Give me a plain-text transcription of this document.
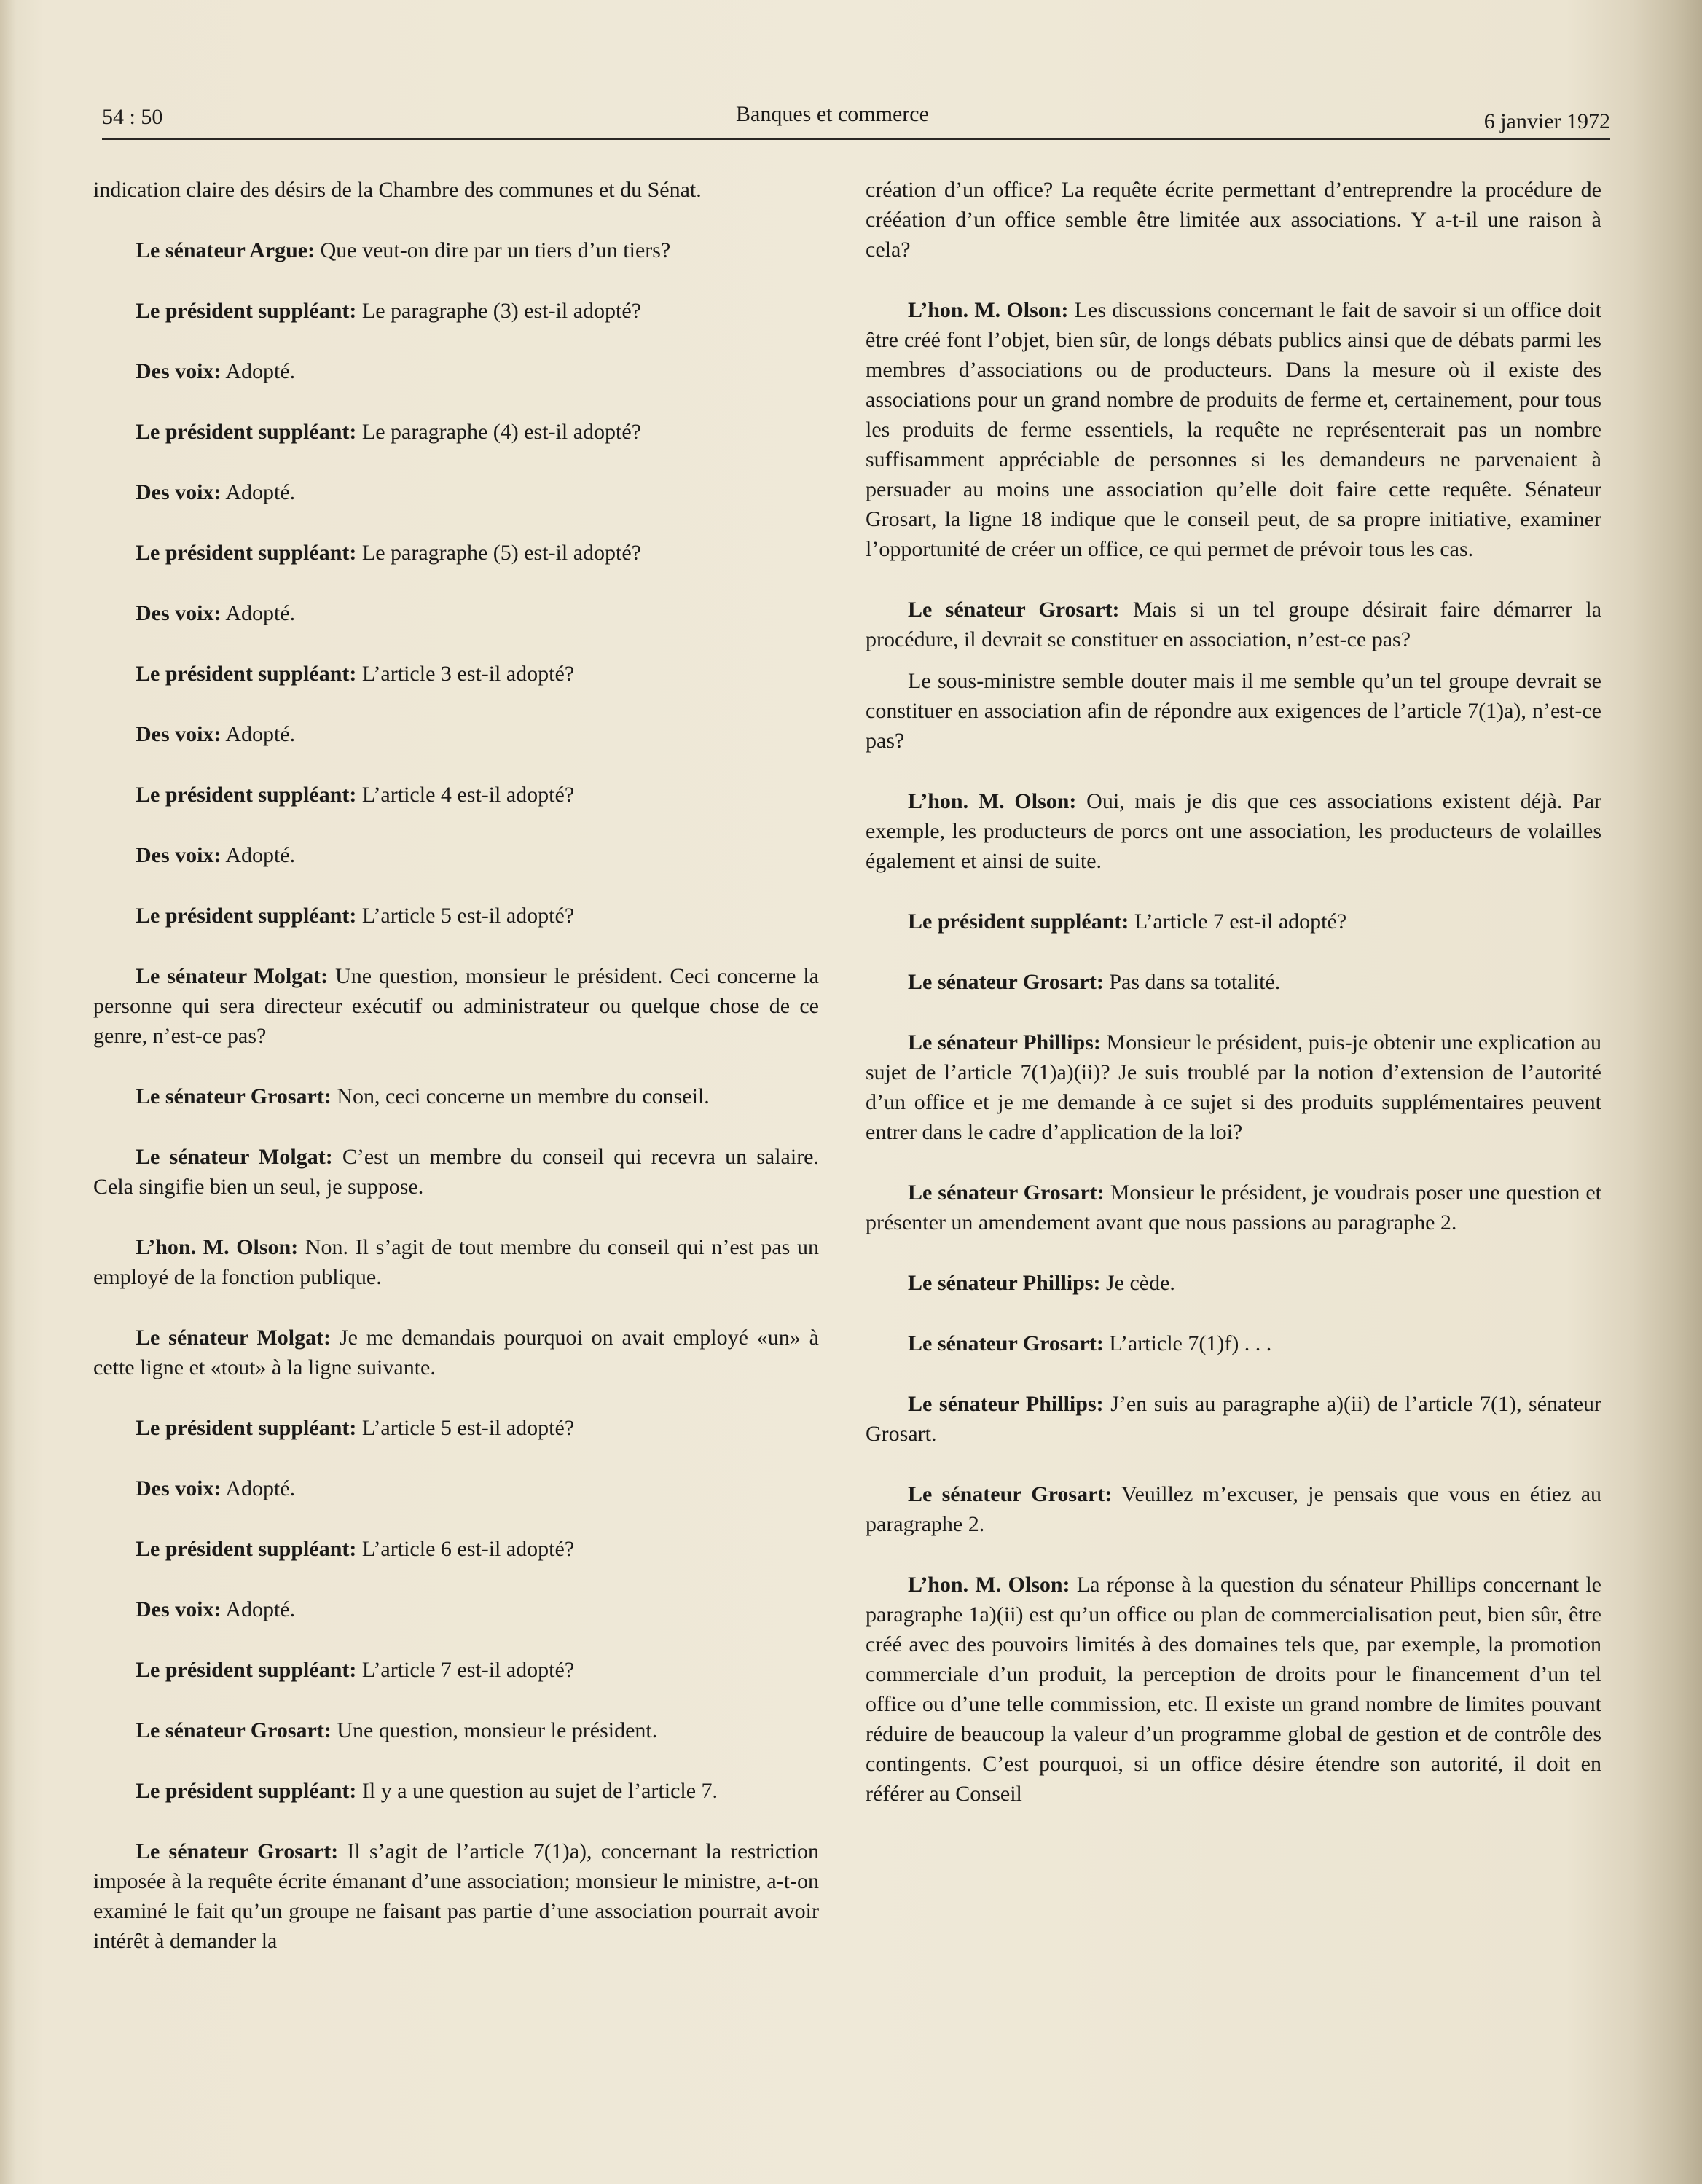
54 : 50	Banques et commerce	6 janvier 1972

indication claire des désirs de la Chambre des communes et du Sénat.

Le sénateur Argue: Que veut-on dire par un tiers d’un tiers?

Le président suppléant: Le paragraphe (3) est-il adopté?

Des voix: Adopté.

Le président suppléant: Le paragraphe (4) est-il adopté?

Des voix: Adopté.

Le président suppléant: Le paragraphe (5) est-il adopté?

Des voix: Adopté.

Le président suppléant: L’article 3 est-il adopté?

Des voix: Adopté.

Le président suppléant: L’article 4 est-il adopté?

Des voix: Adopté.

Le président suppléant: L’article 5 est-il adopté?

Le sénateur Molgat: Une question, monsieur le président. Ceci concerne la personne qui sera directeur exécutif ou administrateur ou quelque chose de ce genre, n’est-ce pas?

Le sénateur Grosart: Non, ceci concerne un membre du conseil.

Le sénateur Molgat: C’est un membre du conseil qui recevra un salaire. Cela singifie bien un seul, je suppose.

L’hon. M. Olson: Non. Il s’agit de tout membre du conseil qui n’est pas un employé de la fonction publique.

Le sénateur Molgat: Je me demandais pourquoi on avait employé «un» à cette ligne et «tout» à la ligne suivante.

Le président suppléant: L’article 5 est-il adopté?

Des voix: Adopté.

Le président suppléant: L’article 6 est-il adopté?

Des voix: Adopté.

Le président suppléant: L’article 7 est-il adopté?

Le sénateur Grosart: Une question, monsieur le président.

Le président suppléant: Il y a une question au sujet de l’article 7.

Le sénateur Grosart: Il s’agit de l’article 7(1)a), concernant la restriction imposée à la requête écrite émanant d’une association; monsieur le ministre, a-t-on examiné le fait qu’un groupe ne faisant pas partie d’une association pourrait avoir intérêt à demander la

création d’un office? La requête écrite permettant d’entreprendre la procédure de crééation d’un office semble être limitée aux associations. Y a-t-il une raison à cela?

L’hon. M. Olson: Les discussions concernant le fait de savoir si un office doit être créé font l’objet, bien sûr, de longs débats publics ainsi que de débats parmi les membres d’associations ou de producteurs. Dans la mesure où il existe des associations pour un grand nombre de produits de ferme et, certainement, pour tous les produits de ferme essentiels, la requête ne représenterait pas un nombre suffisamment appréciable de personnes si les demandeurs ne parvenaient à persuader au moins une association qu’elle doit faire cette requête. Sénateur Grosart, la ligne 18 indique que le conseil peut, de sa propre initiative, examiner l’opportunité de créer un office, ce qui permet de prévoir tous les cas.

Le sénateur Grosart: Mais si un tel groupe désirait faire démarrer la procédure, il devrait se constituer en association, n’est-ce pas?

Le sous-ministre semble douter mais il me semble qu’un tel groupe devrait se constituer en association afin de répondre aux exigences de l’article 7(1)a), n’est-ce pas?

L’hon. M. Olson: Oui, mais je dis que ces associations existent déjà. Par exemple, les producteurs de porcs ont une association, les producteurs de volailles également et ainsi de suite.

Le président suppléant: L’article 7 est-il adopté?

Le sénateur Grosart: Pas dans sa totalité.

Le sénateur Phillips: Monsieur le président, puis-je obtenir une explication au sujet de l’article 7(1)a)(ii)? Je suis troublé par la notion d’extension de l’autorité d’un office et je me demande à ce sujet si des produits supplémentaires peuvent entrer dans le cadre d’application de la loi?

Le sénateur Grosart: Monsieur le président, je voudrais poser une question et présenter un amendement avant que nous passions au paragraphe 2.

Le sénateur Phillips: Je cède.

Le sénateur Grosart: L’article 7(1)f) . . .

Le sénateur Phillips: J’en suis au paragraphe a)(ii) de l’article 7(1), sénateur Grosart.

Le sénateur Grosart: Veuillez m’excuser, je pensais que vous en étiez au paragraphe 2.

L’hon. M. Olson: La réponse à la question du sénateur Phillips concernant le paragraphe 1a)(ii) est qu’un office ou plan de commercialisation peut, bien sûr, être créé avec des pouvoirs limités à des domaines tels que, par exemple, la promotion commerciale d’un produit, la perception de droits pour le financement d’un tel office ou d’une telle commission, etc. Il existe un grand nombre de limites pouvant réduire de beaucoup la valeur d’un programme global de gestion et de contrôle des contingents. C’est pourquoi, si un office désire étendre son autorité, il doit en référer au Conseil
